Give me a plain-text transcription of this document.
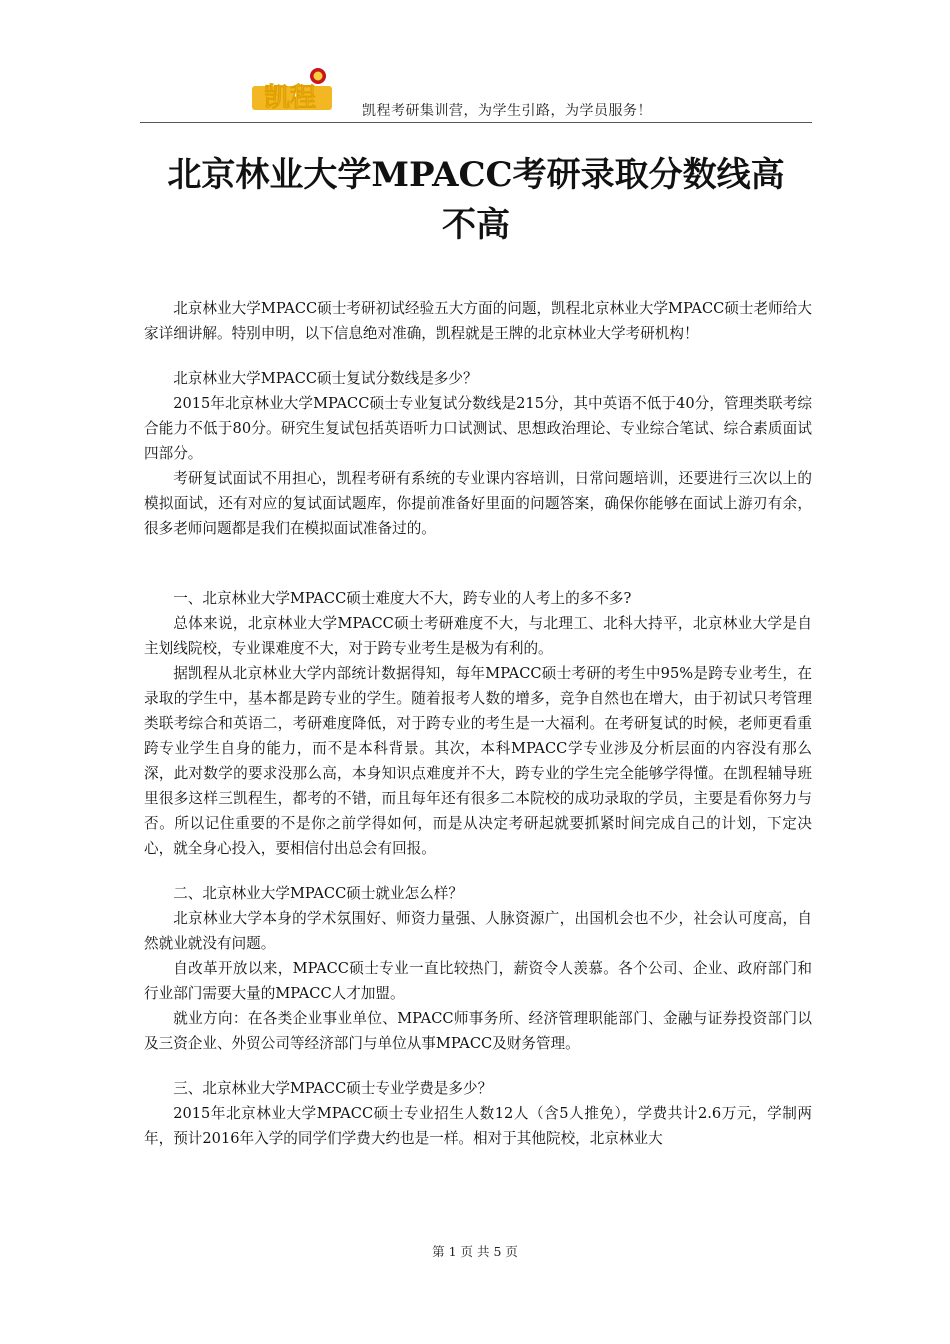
凯程	凯程考研集训营，为学生引路，为学员服务！
北京林业大学MPACC考研录取分数线高
不高

北京林业大学MPACC硕士考研初试经验五大方面的问题，凯程北京林业大学MPACC硕士老师给大家详细讲解。特别申明，以下信息绝对准确，凯程就是王牌的北京林业大学考研机构！

北京林业大学MPACC硕士复试分数线是多少？

2015年北京林业大学MPACC硕士专业复试分数线是215分，其中英语不低于40分，管理类联考综合能力不低于80分。研究生复试包括英语听力口试测试、思想政治理论、专业综合笔试、综合素质面试四部分。

考研复试面试不用担心，凯程考研有系统的专业课内容培训，日常问题培训，还要进行三次以上的模拟面试，还有对应的复试面试题库，你提前准备好里面的问题答案，确保你能够在面试上游刃有余，很多老师问题都是我们在模拟面试准备过的。

一、北京林业大学MPACC硕士难度大不大，跨专业的人考上的多不多?

总体来说，北京林业大学MPACC硕士考研难度不大，与北理工、北科大持平，北京林业大学是自主划线院校，专业课难度不大，对于跨专业考生是极为有利的。

据凯程从北京林业大学内部统计数据得知，每年MPACC硕士考研的考生中95%是跨专业考生，在录取的学生中，基本都是跨专业的学生。随着报考人数的增多，竞争自然也在增大，由于初试只考管理类联考综合和英语二，考研难度降低，对于跨专业的考生是一大福利。在考研复试的时候，老师更看重跨专业学生自身的能力，而不是本科背景。其次，本科MPACC学专业涉及分析层面的内容没有那么深，此对数学的要求没那么高，本身知识点难度并不大，跨专业的学生完全能够学得懂。在凯程辅导班里很多这样三凯程生，都考的不错，而且每年还有很多二本院校的成功录取的学员，主要是看你努力与否。所以记住重要的不是你之前学得如何，而是从决定考研起就要抓紧时间完成自己的计划，下定决心，就全身心投入，要相信付出总会有回报。

二、北京林业大学MPACC硕士就业怎么样？

北京林业大学本身的学术氛围好、师资力量强、人脉资源广，出国机会也不少，社会认可度高，自然就业就没有问题。

自改革开放以来，MPACC硕士专业一直比较热门，薪资令人羡慕。各个公司、企业、政府部门和行业部门需要大量的MPACC人才加盟。

就业方向：在各类企业事业单位、MPACC师事务所、经济管理职能部门、金融与证券投资部门以及三资企业、外贸公司等经济部门与单位从事MPACC及财务管理。

三、北京林业大学MPACC硕士专业学费是多少？

2015年北京林业大学MPACC硕士专业招生人数12人（含5人推免），学费共计2.6万元，学制两年，预计2016年入学的同学们学费大约也是一样。相对于其他院校，北京林业大

第 1 页 共 5 页
